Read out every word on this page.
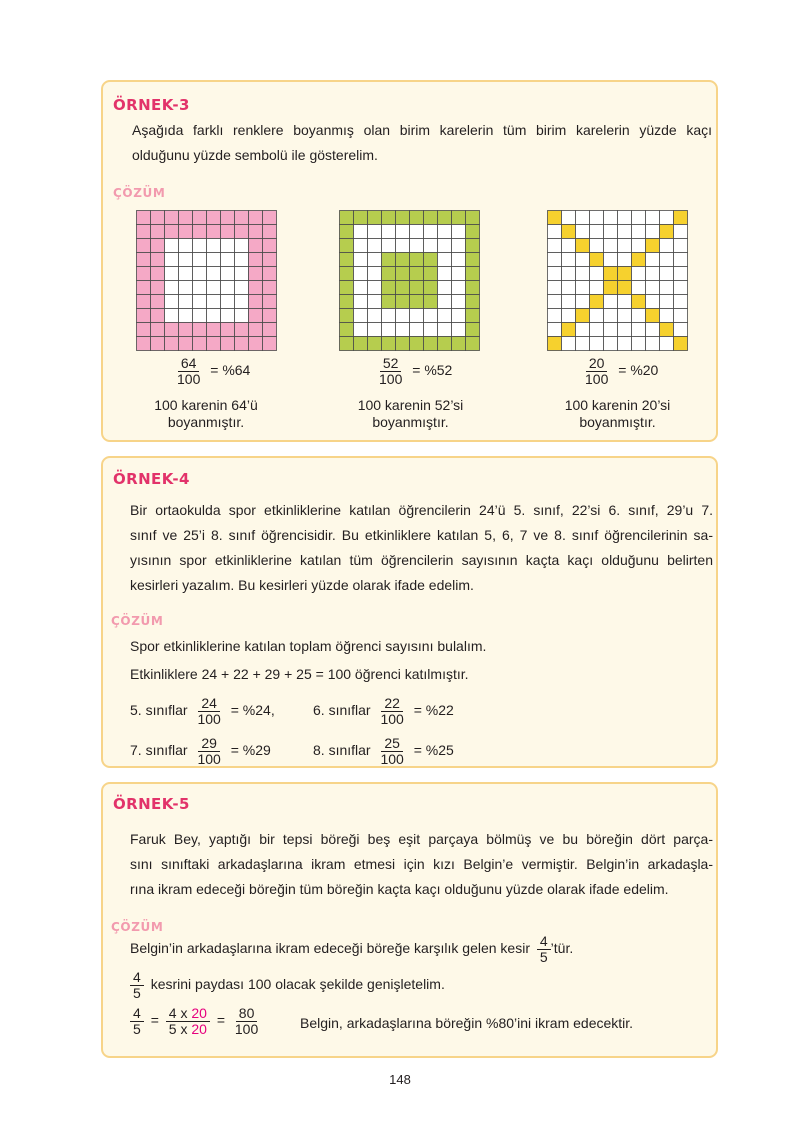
ÖRNEK-3
Aşağıda farklı renklere boyanmış olan birim karelerin tüm birim karelerin yüzde kaçı
olduğunu yüzde sembolü ile gösterelim.
ÇÖZÜM
$\frac{64}{100} = \%64$	$\frac{52}{100} = \%52$	$\frac{20}{100} = \%20$
100 karenin 64’ü
boyanmıştır.
100 karenin 52’si
boyanmıştır.
100 karenin 20’si
boyanmıştır.
ÖRNEK-4
Bir ortaokulda spor etkinliklerine katılan öğrencilerin 24’ü 5. sınıf, 22’si 6. sınıf, 29’u 7.
sınıf ve 25’i 8. sınıf öğrencisidir. Bu etkinliklere katılan 5, 6, 7 ve 8. sınıf öğrencilerinin sa-
yısının spor etkinliklerine katılan tüm öğrencilerin sayısının kaçta kaçı olduğunu belirten
kesirleri yazalım. Bu kesirleri yüzde olarak ifade edelim.
ÇÖZÜM
Spor etkinliklerine katılan toplam öğrenci sayısını bulalım.
Etkinliklere 24 + 22 + 29 + 25 = 100 öğrenci katılmıştır.
5. sınıflar $\frac{24}{100} = \%24$,	6. sınıflar $\frac{22}{100} = \%22$
7. sınıflar $\frac{29}{100} = \%29$	8. sınıflar $\frac{25}{100} = \%25$
ÖRNEK-5
Faruk Bey, yaptığı bir tepsi böreği beş eşit parçaya bölmüş ve bu böreğin dört parça-
sını sınıftaki arkadaşlarına ikram etmesi için kızı Belgin’e vermiştir. Belgin’in arkadaşla-
rına ikram edeceği böreğin tüm böreğin kaçta kaçı olduğunu yüzde olarak ifade edelim.
ÇÖZÜM
Belgin’in arkadaşlarına ikram edeceği böreğe karşılık gelen kesir $\frac{4}{5}$ ’tür.
$\frac{4}{5}$ kesrini paydası 100 olacak şekilde genişletelim.
$\frac{4}{5} = \frac{4 x 20}{5 x 20} = \frac{80}{100}$	Belgin, arkadaşlarına böreğin %80’ini ikram edecektir.
148
